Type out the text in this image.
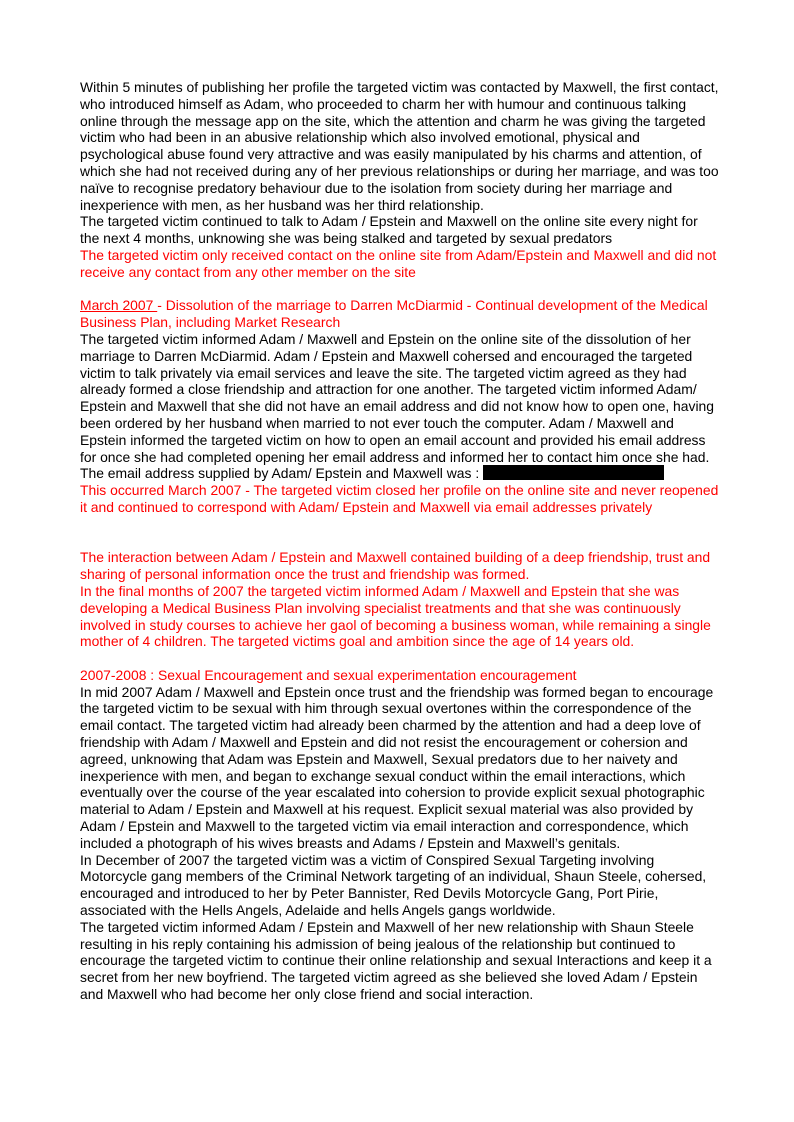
Within 5 minutes of publishing her profile the targeted victim was contacted by Maxwell, the first contact, who introduced himself as Adam, who proceeded to charm her with humour and continuous talking online through the message app on the site, which the attention and charm he was giving the targeted victim who had been in an abusive relationship which also involved emotional, physical and psychological abuse found very attractive and was easily manipulated by his charms and attention, of which she had not received during any of her previous relationships or during her marriage, and was too naïve to recognise predatory behaviour due to the isolation from society during her marriage and inexperience with men, as her husband was her third relationship.

The targeted victim continued to talk to Adam / Epstein and Maxwell on the online site every night for the next 4 months, unknowing she was being stalked and targeted by sexual predators

The targeted victim only received contact on the online site from Adam/Epstein and Maxwell and did not receive any contact from any other member on the site

March 2007 - Dissolution of the marriage to Darren McDiarmid - Continual development of the Medical Business Plan, including Market Research

The targeted victim informed Adam / Maxwell and Epstein on the online site of the dissolution of her marriage to Darren McDiarmid. Adam / Epstein and Maxwell cohersed and encouraged the targeted victim to talk privately via email services and leave the site. The targeted victim agreed as they had already formed a close friendship and attraction for one another. The targeted victim informed Adam/ Epstein and Maxwell that she did not have an email address and did not know how to open one, having been ordered by her husband when married to not ever touch the computer. Adam / Maxwell and Epstein informed the targeted victim on how to open an email account and provided his email address for once she had completed opening her email address and informed her to contact him once she had.

The email address supplied by Adam/ Epstein and Maxwell was :

This occurred March 2007 - The targeted victim closed her profile on the online site and never reopened it and continued to correspond with Adam/ Epstein and Maxwell via email addresses privately

The interaction between Adam / Epstein and Maxwell contained building of a deep friendship, trust and sharing of personal information once the trust and friendship was formed.

In the final months of 2007 the targeted victim informed Adam / Maxwell and Epstein that she was developing a Medical Business Plan involving specialist treatments and that she was continuously involved in study courses to achieve her gaol of becoming a business woman, while remaining a single mother of 4 children. The targeted victims goal and ambition since the age of 14 years old.

2007-2008 : Sexual Encouragement and sexual experimentation encouragement

In mid 2007 Adam / Maxwell and Epstein once trust and the friendship was formed began to encourage the targeted victim to be sexual with him through sexual overtones within the correspondence of the email contact. The targeted victim had already been charmed by the attention and had a deep love of friendship with Adam / Maxwell and Epstein and did not resist the encouragement or cohersion and agreed, unknowing that Adam was Epstein and Maxwell, Sexual predators due to her naivety and inexperience with men, and began to exchange sexual conduct within the email interactions, which eventually over the course of the year escalated into cohersion to provide explicit sexual photographic material to Adam / Epstein and Maxwell at his request. Explicit sexual material was also provided by Adam / Epstein and Maxwell to the targeted victim via email interaction and correspondence, which included a photograph of his wives breasts and Adams / Epstein and Maxwell’s genitals.

In December of 2007 the targeted victim was a victim of Conspired Sexual Targeting involving Motorcycle gang members of the Criminal Network targeting of an individual, Shaun Steele, cohersed, encouraged and introduced to her by Peter Bannister, Red Devils Motorcycle Gang, Port Pirie, associated with the Hells Angels, Adelaide and hells Angels gangs worldwide.

The targeted victim informed Adam / Epstein and Maxwell of her new relationship with Shaun Steele resulting in his reply containing his admission of being jealous of the relationship but continued to encourage the targeted victim to continue their online relationship and sexual Interactions and keep it a secret from her new boyfriend. The targeted victim agreed as she believed she loved Adam / Epstein and Maxwell who had become her only close friend and social interaction.
